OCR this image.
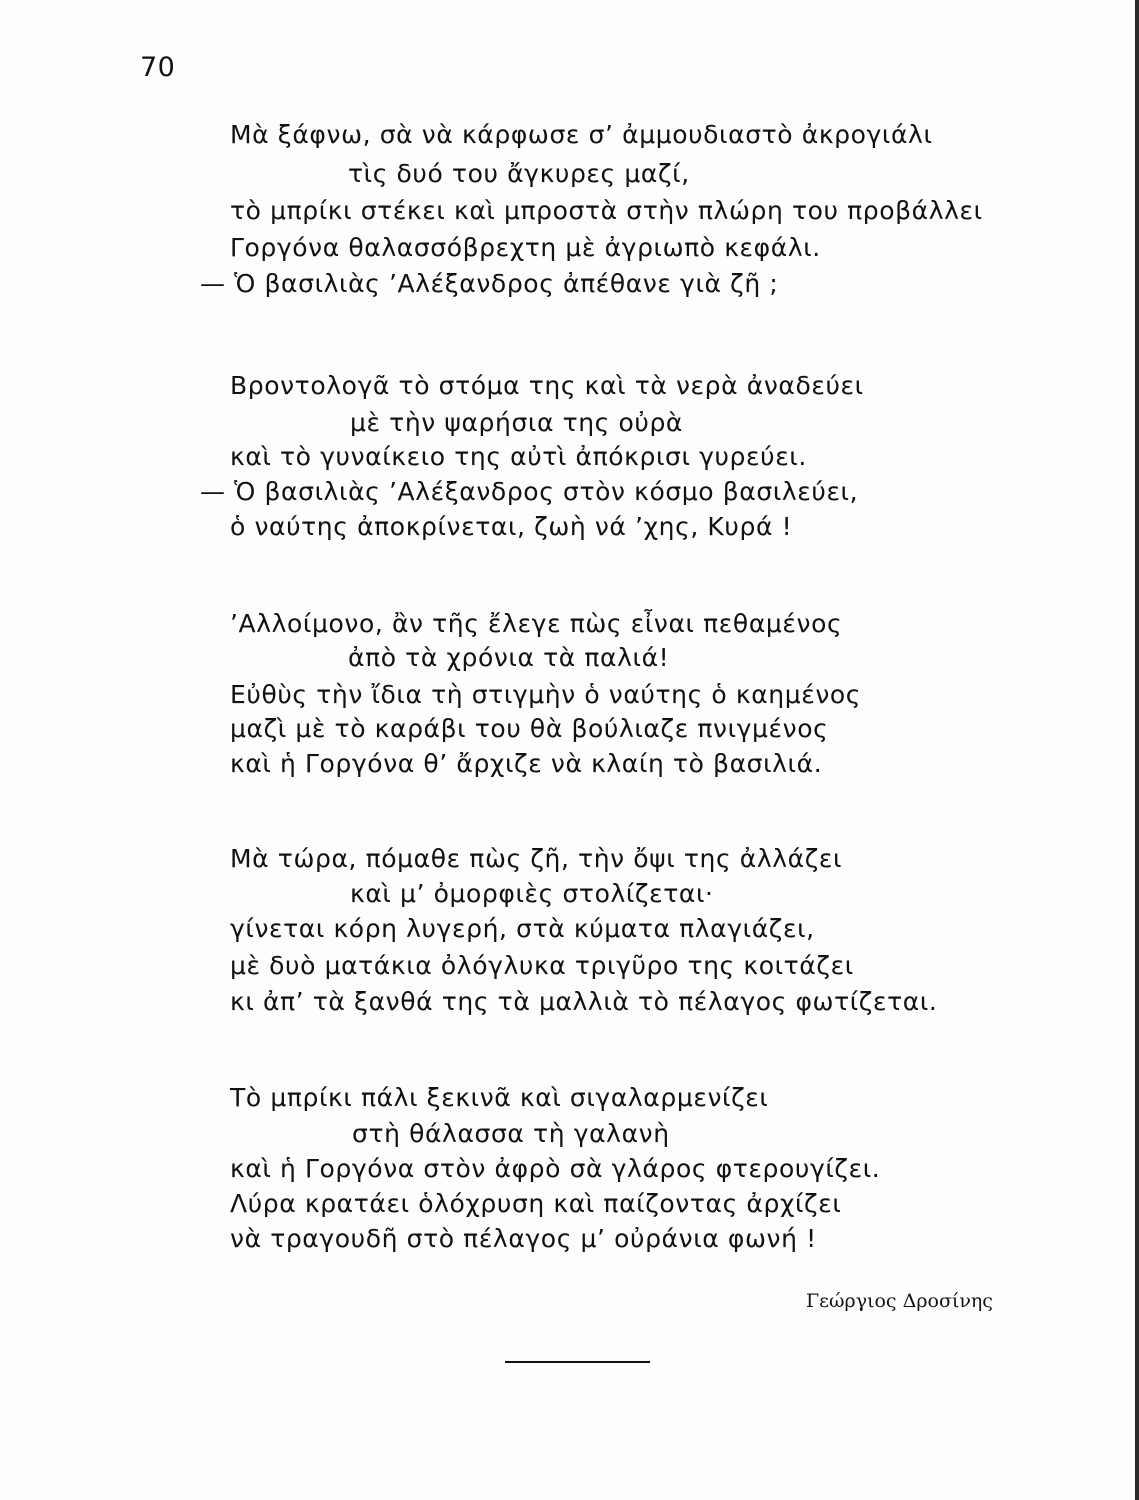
70
Μὰ ξάφνω, σὰ νὰ κάρφωσε σ’ ἀμμουδιαστὸ ἀκρογιάλι
τὶς δυό του ἄγκυρες μαζί,
τὸ μπρίκι στέκει καὶ μπροστὰ στὴν πλώρη του προβάλλει
Γοργόνα θαλασσόβρεχτη μὲ ἀγριωπὸ κεφάλι.
— Ὁ βασιλιὰς ’Αλέξανδρος ἀπέθανε γιὰ ζῆ ;
Βροντολογᾶ τὸ στόμα της καὶ τὰ νερὰ ἀναδεύει
μὲ τὴν ψαρήσια της οὐρὰ
καὶ τὸ γυναίκειο της αὐτὶ ἀπόκρισι γυρεύει.
— Ὁ βασιλιὰς ’Αλέξανδρος στὸν κόσμο βασιλεύει,
ὁ ναύτης ἀποκρίνεται, ζωὴ νά ’χης, Κυρά !
’Αλλοίμονο, ἂν τῆς ἔλεγε πὼς εἶναι πεθαμένος
ἀπὸ τὰ χρόνια τὰ παλιά!
Εὐθὺς τὴν ἴδια τὴ στιγμὴν ὁ ναύτης ὁ καημένος
μαζὶ μὲ τὸ καράβι του θὰ βούλιαζε πνιγμένος
καὶ ἡ Γοργόνα θ’ ἄρχιζε νὰ κλαίη τὸ βασιλιά.
Μὰ τώρα, πόμαθε πὼς ζῆ, τὴν ὄψι της ἀλλάζει
καὶ μ’ ὀμορφιὲς στολίζεται·
γίνεται κόρη λυγερή, στὰ κύματα πλαγιάζει,
μὲ δυὸ ματάκια ὀλόγλυκα τριγῦρο της κοιτάζει
κι ἀπ’ τὰ ξανθά της τὰ μαλλιὰ τὸ πέλαγος φωτίζεται.
Τὸ μπρίκι πάλι ξεκινᾶ καὶ σιγαλαρμενίζει
στὴ θάλασσα τὴ γαλανὴ
καὶ ἡ Γοργόνα στὸν ἀφρὸ σὰ γλάρος φτερουγίζει.
Λύρα κρατάει ὁλόχρυση καὶ παίζοντας ἀρχίζει
νὰ τραγουδῆ στὸ πέλαγος μ’ οὐράνια φωνή !
Γεώργιος Δροσίνης
